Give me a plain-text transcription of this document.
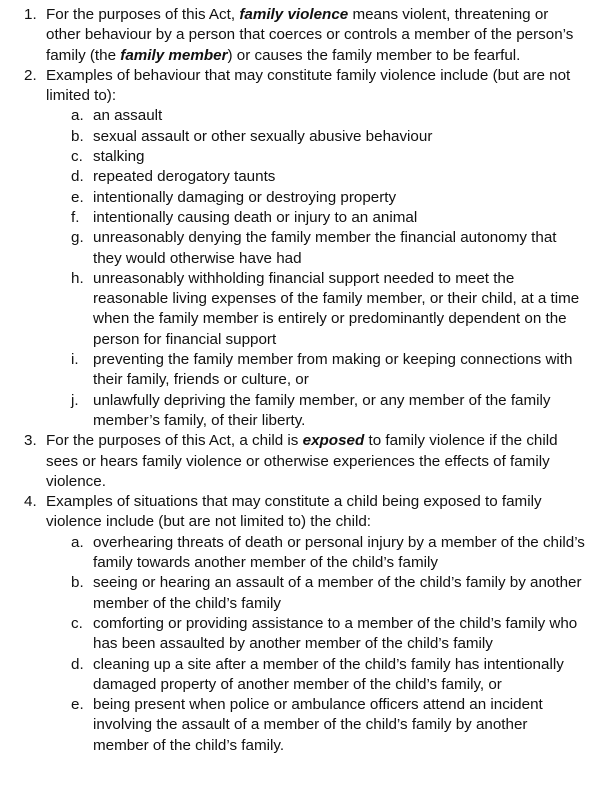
1. For the purposes of this Act, family violence means violent, threatening or other behaviour by a person that coerces or controls a member of the person’s family (the family member) or causes the family member to be fearful.
2. Examples of behaviour that may constitute family violence include (but are not limited to):
a. an assault
b. sexual assault or other sexually abusive behaviour
c. stalking
d. repeated derogatory taunts
e. intentionally damaging or destroying property
f. intentionally causing death or injury to an animal
g. unreasonably denying the family member the financial autonomy that they would otherwise have had
h. unreasonably withholding financial support needed to meet the reasonable living expenses of the family member, or their child, at a time when the family member is entirely or predominantly dependent on the person for financial support
i. preventing the family member from making or keeping connections with their family, friends or culture, or
j. unlawfully depriving the family member, or any member of the family member’s family, of their liberty.
3. For the purposes of this Act, a child is exposed to family violence if the child sees or hears family violence or otherwise experiences the effects of family violence.
4. Examples of situations that may constitute a child being exposed to family violence include (but are not limited to) the child:
a. overhearing threats of death or personal injury by a member of the child’s family towards another member of the child’s family
b. seeing or hearing an assault of a member of the child’s family by another member of the child’s family
c. comforting or providing assistance to a member of the child’s family who has been assaulted by another member of the child’s family
d. cleaning up a site after a member of the child’s family has intentionally damaged property of another member of the child’s family, or
e. being present when police or ambulance officers attend an incident involving the assault of a member of the child’s family by another member of the child’s family.
